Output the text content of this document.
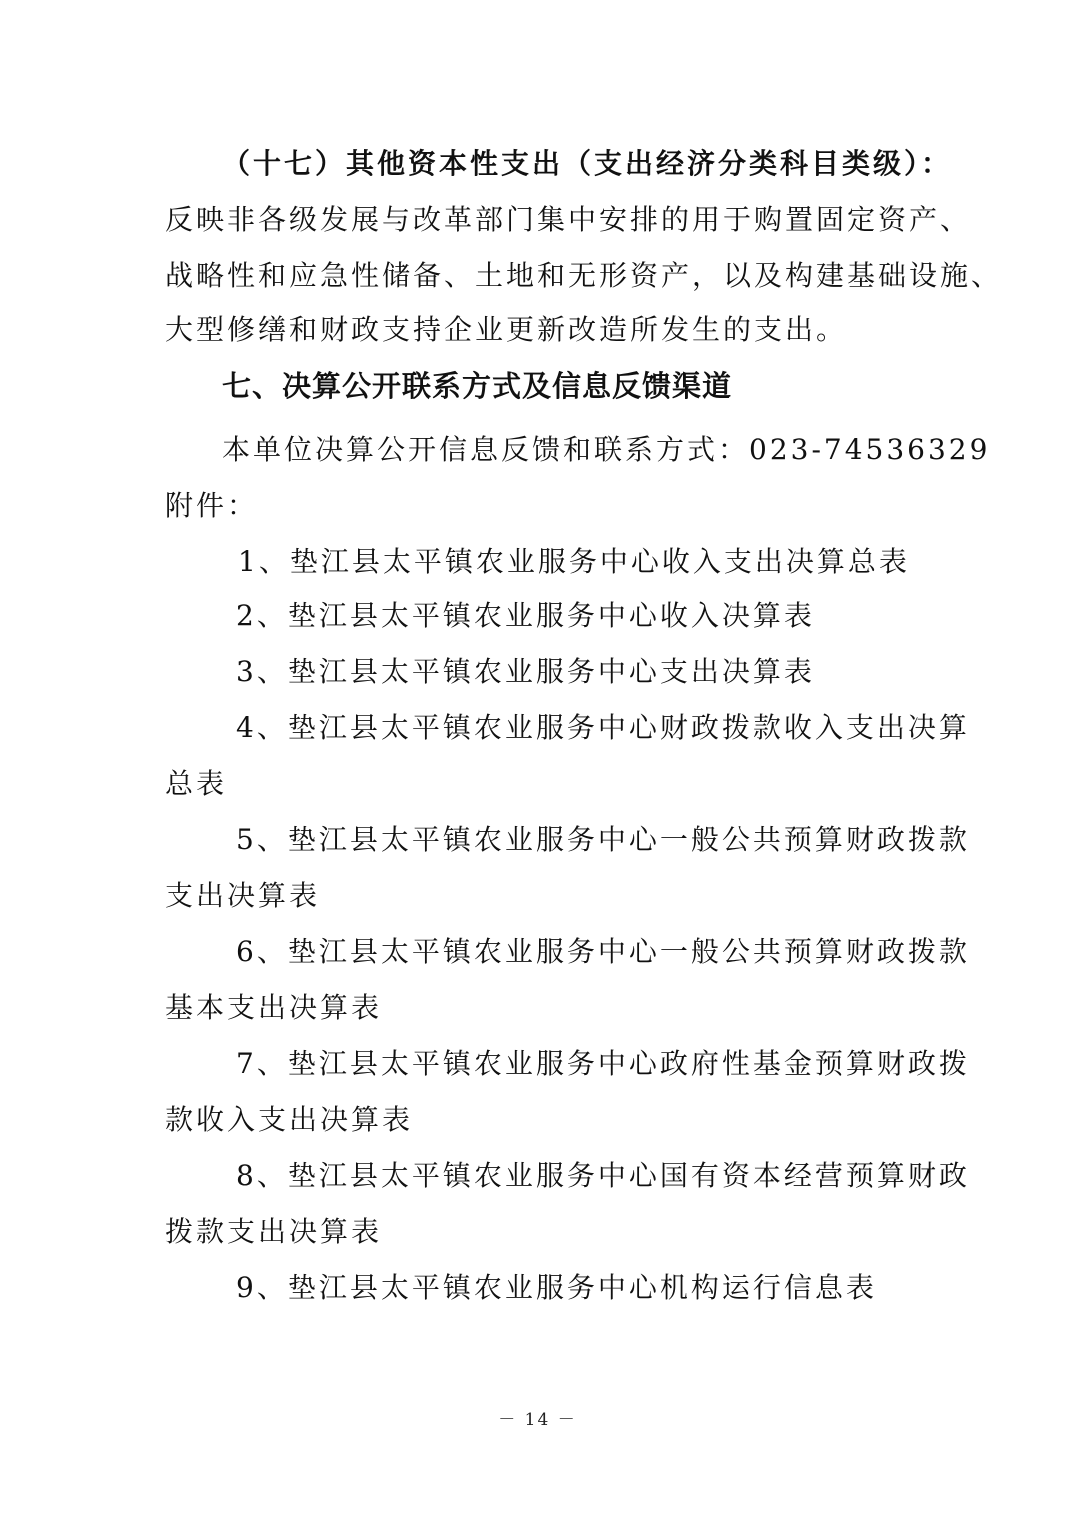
（十七）其他资本性支出（支出经济分类科目类级）：
反映非各级发展与改革部门集中安排的用于购置固定资产、
战略性和应急性储备、土地和无形资产，以及构建基础设施、
大型修缮和财政支持企业更新改造所发生的支出。
七、决算公开联系方式及信息反馈渠道
本单位决算公开信息反馈和联系方式：023-74536329
附件：
1、垫江县太平镇农业服务中心收入支出决算总表
2、垫江县太平镇农业服务中心收入决算表
3、垫江县太平镇农业服务中心支出决算表
4、垫江县太平镇农业服务中心财政拨款收入支出决算
总表
5、垫江县太平镇农业服务中心一般公共预算财政拨款
支出决算表
6、垫江县太平镇农业服务中心一般公共预算财政拨款
基本支出决算表
7、垫江县太平镇农业服务中心政府性基金预算财政拨
款收入支出决算表
8、垫江县太平镇农业服务中心国有资本经营预算财政
拨款支出决算表
9、垫江县太平镇农业服务中心机构运行信息表
－ 14 －
